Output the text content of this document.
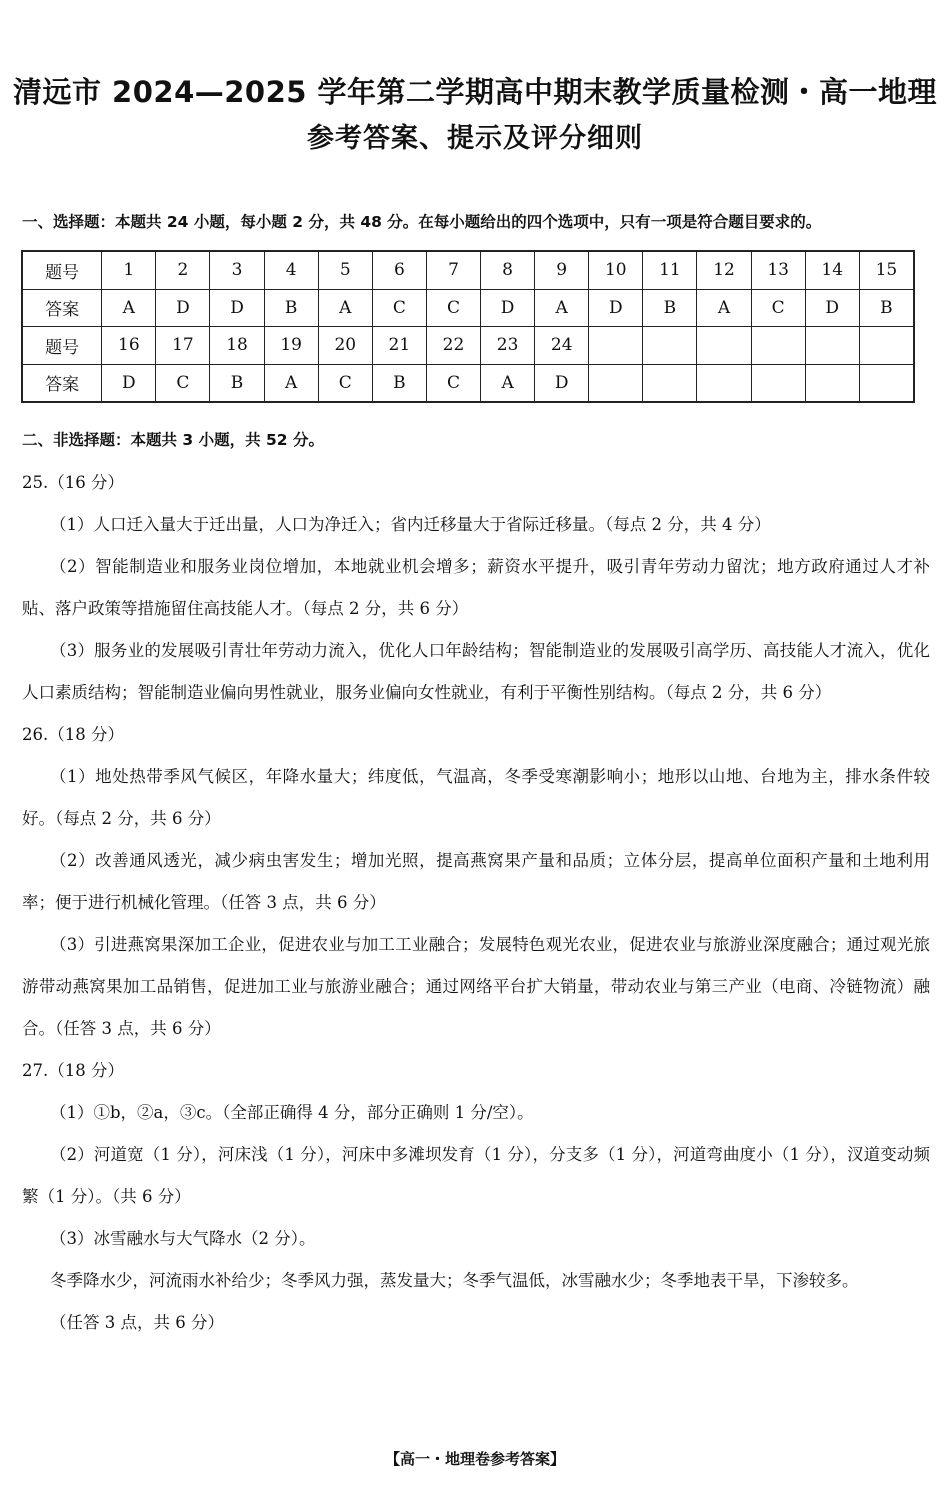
清远市 2024—2025 学年第二学期高中期末教学质量检测・高一地理
参考答案、提示及评分细则
一、选择题：本题共 24 小题，每小题 2 分，共 48 分。在每小题给出的四个选项中，只有一项是符合题目要求的。
题号	1	2	3	4	5	6	7	8	9	10	11	12	13	14	15
答案	A	D	D	B	A	C	C	D	A	D	B	A	C	D	B
题号	16	17	18	19	20	21	22	23	24						
答案	D	C	B	A	C	B	C	A	D						
二、非选择题：本题共 3 小题，共 52 分。

25.（16 分）

（1）人口迁入量大于迁出量，人口为净迁入；省内迁移量大于省际迁移量。（每点 2 分，共 4 分）

（2）智能制造业和服务业岗位增加，本地就业机会增多；薪资水平提升，吸引青年劳动力留沈；地方政府通过人才补贴、落户政策等措施留住高技能人才。（每点 2 分，共 6 分）

（3）服务业的发展吸引青壮年劳动力流入，优化人口年龄结构；智能制造业的发展吸引高学历、高技能人才流入，优化人口素质结构；智能制造业偏向男性就业，服务业偏向女性就业，有利于平衡性别结构。（每点 2 分，共 6 分）

26.（18 分）

（1）地处热带季风气候区，年降水量大；纬度低，气温高，冬季受寒潮影响小；地形以山地、台地为主，排水条件较好。（每点 2 分，共 6 分）

（2）改善通风透光，减少病虫害发生；增加光照，提高燕窝果产量和品质；立体分层，提高单位面积产量和土地利用率；便于进行机械化管理。（任答 3 点，共 6 分）

（3）引进燕窝果深加工企业，促进农业与加工工业融合；发展特色观光农业，促进农业与旅游业深度融合；通过观光旅游带动燕窝果加工品销售，促进加工业与旅游业融合；通过网络平台扩大销量，带动农业与第三产业（电商、冷链物流）融合。（任答 3 点，共 6 分）

27.（18 分）

（1）①b，②a，③c。（全部正确得 4 分，部分正确则 1 分/空）。

（2）河道宽（1 分），河床浅（1 分），河床中多滩坝发育（1 分），分支多（1 分），河道弯曲度小（1 分），汊道变动频繁（1 分）。（共 6 分）

（3）冰雪融水与大气降水（2 分）。

冬季降水少，河流雨水补给少；冬季风力强，蒸发量大；冬季气温低，冰雪融水少；冬季地表干旱，下渗较多。

（任答 3 点，共 6 分）

【高一・地理卷参考答案】
